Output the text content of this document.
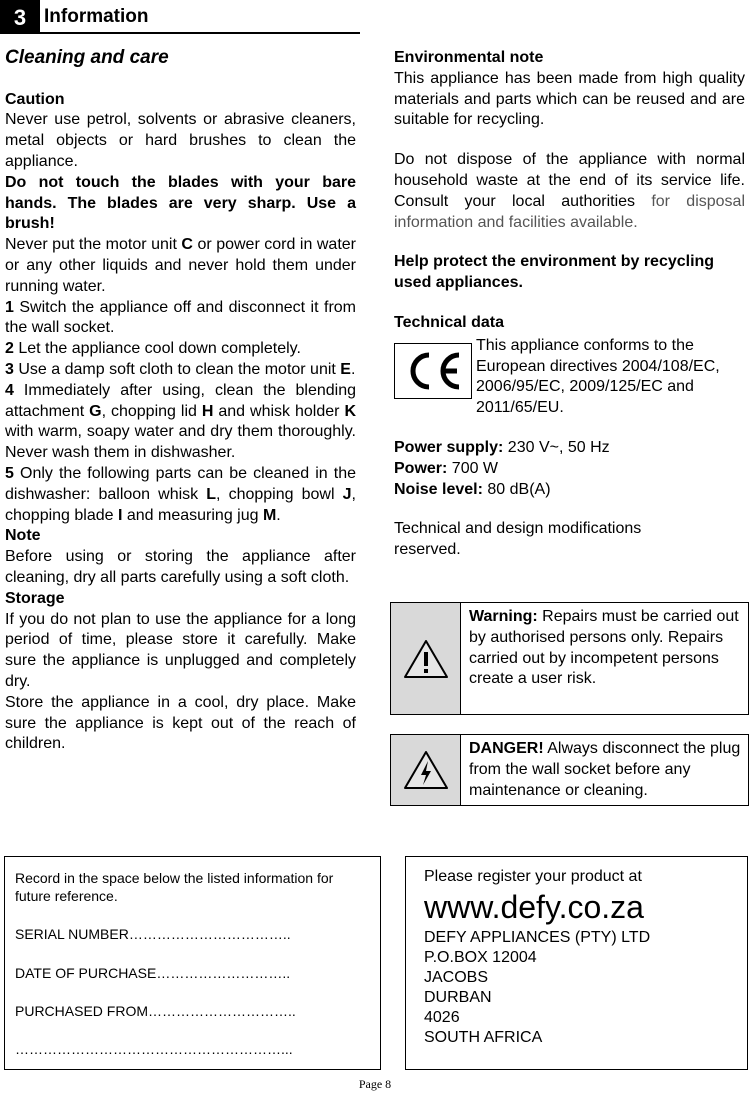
3 Information
Cleaning and care
Caution
Never use petrol, solvents or abrasive cleaners, metal objects or hard brushes to clean the appliance.
Do not touch the blades with your bare hands. The blades are very sharp. Use a brush!
Never put the motor unit C or power cord in water or any other liquids and never hold them under running water.
1 Switch the appliance off and disconnect it from the wall socket.
2 Let the appliance cool down completely.
3 Use a damp soft cloth to clean the motor unit E.
4 Immediately after using, clean the blending attachment G, chopping lid H and whisk holder K with warm, soapy water and dry them thoroughly. Never wash them in dishwasher.
5 Only the following parts can be cleaned in the dishwasher: balloon whisk L, chopping bowl J, chopping blade I and measuring jug M.
Note
Before using or storing the appliance after cleaning, dry all parts carefully using a soft cloth.
Storage
If you do not plan to use the appliance for a long period of time, please store it carefully. Make sure the appliance is unplugged and completely dry.
Store the appliance in a cool, dry place. Make sure the appliance is kept out of the reach of children.
Environmental note
This appliance has been made from high quality materials and parts which can be reused and are suitable for recycling.
Do not dispose of the appliance with normal household waste at the end of its service life. Consult your local authorities for disposal information and facilities available.
Help protect the environment by recycling used appliances.
Technical data
This appliance conforms to the European directives 2004/108/EC, 2006/95/EC, 2009/125/EC and 2011/65/EU.
Power supply: 230 V~, 50 Hz
Power: 700 W
Noise level: 80 dB(A)
Technical and design modifications reserved.
Warning: Repairs must be carried out by authorised persons only. Repairs carried out by incompetent persons create a user risk.
DANGER! Always disconnect the plug from the wall socket before any maintenance or cleaning.
Record in the space below the listed information for future reference.
SERIAL NUMBER……………………………..
DATE OF PURCHASE………………………..
PURCHASED FROM…………………………..
…………………………………………………...
Please register your product at
www.defy.co.za
DEFY APPLIANCES (PTY) LTD
P.O.BOX 12004
JACOBS
DURBAN
4026
SOUTH AFRICA
Page 8
